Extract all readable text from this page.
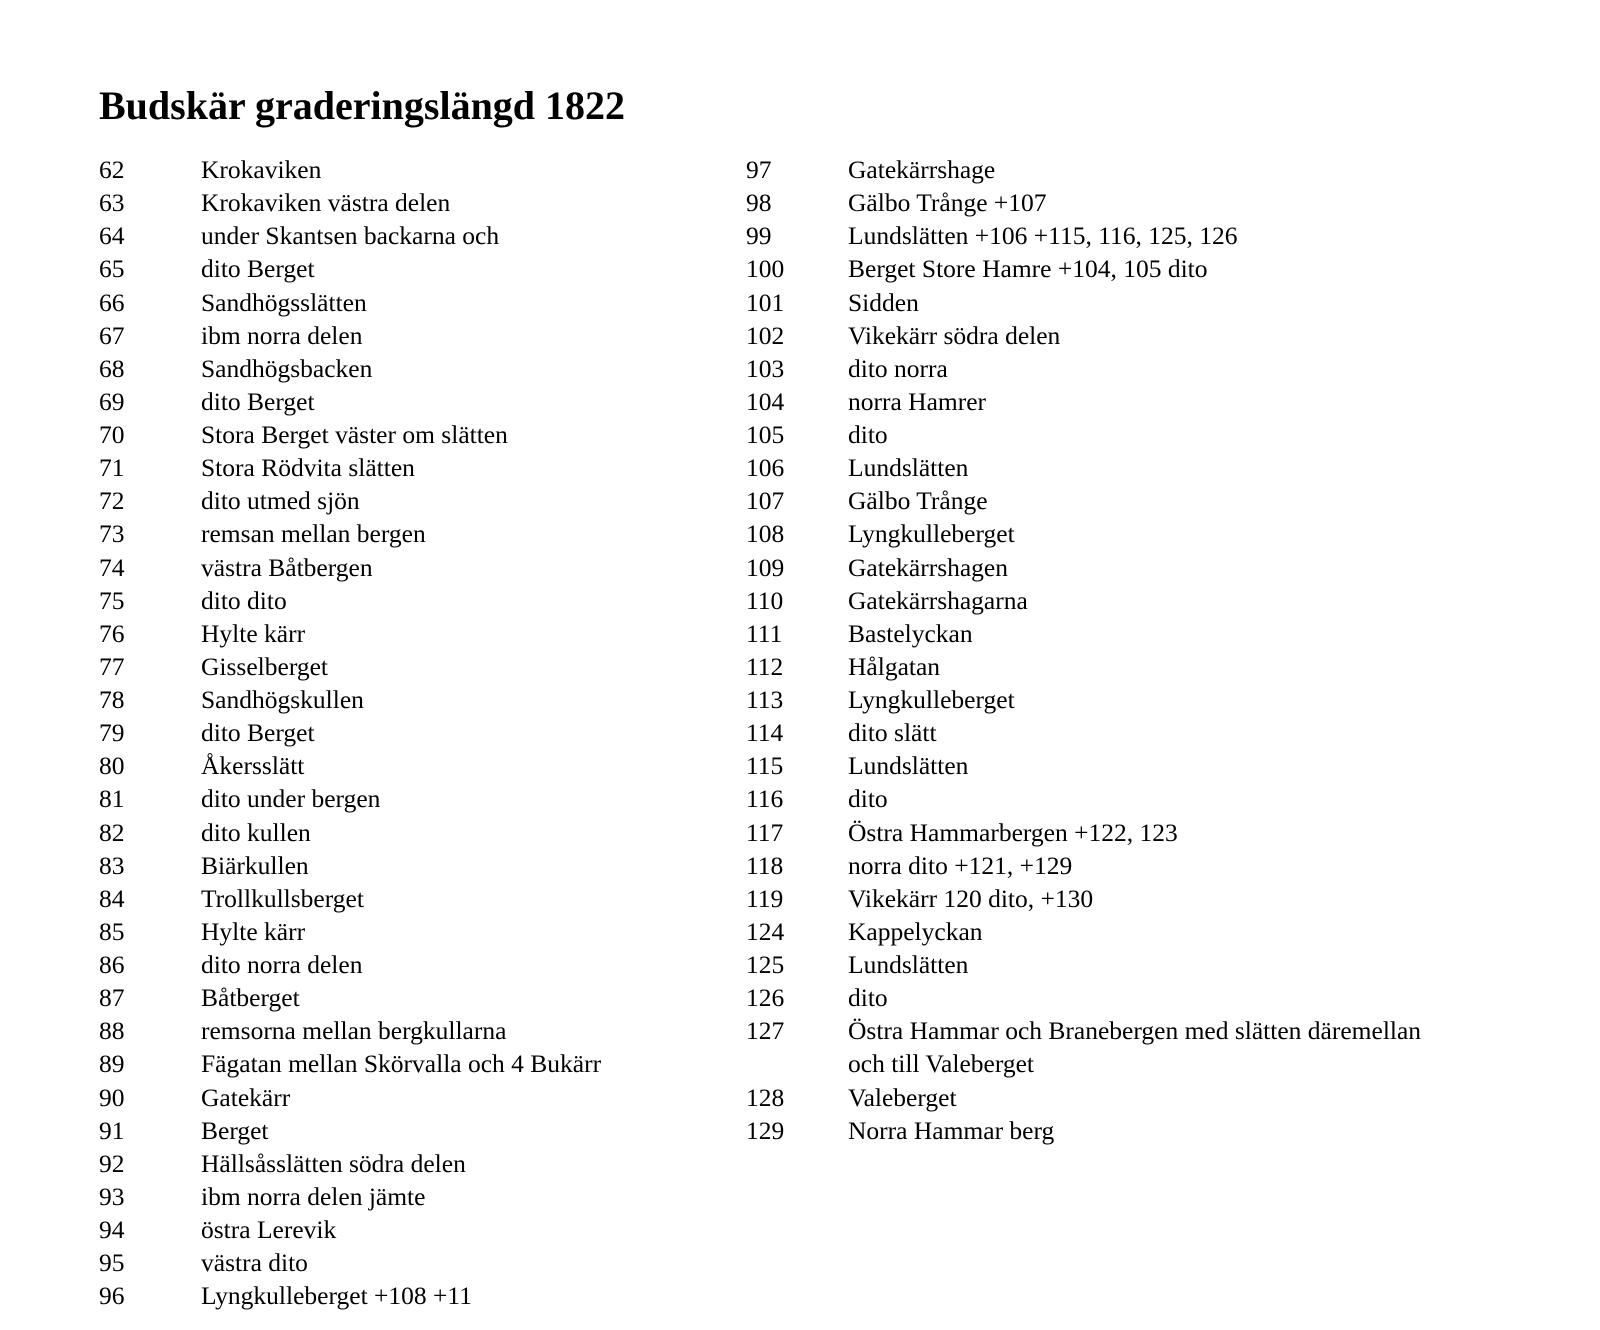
Budskär graderingslängd 1822
62	Krokaviken
63	Krokaviken västra delen
64	under Skantsen backarna och
65	dito Berget
66	Sandhögsslätten
67	ibm norra delen
68	Sandhögsbacken
69	dito Berget
70	Stora Berget väster om slätten
71	Stora Rödvita slätten
72	dito utmed sjön
73	remsan mellan bergen
74	västra Båtbergen
75	dito dito
76	Hylte kärr
77	Gisselberget
78	Sandhögskullen
79	dito Berget
80	Åkersslätt
81	dito under bergen
82	dito kullen
83	Biärkullen
84	Trollkullsberget
85	Hylte kärr
86	dito norra delen
87	Båtberget
88	remsorna mellan bergkullarna
89	Fägatan mellan Skörvalla och 4 Bukärr
90	Gatekärr
91	Berget
92	Hällsåsslätten södra delen
93	ibm norra delen jämte
94	östra Lerevik
95	västra dito
96	Lyngkulleberget +108 +11
97	Gatekärrshage
98	Gälbo Trånge +107
99	Lundslätten +106 +115, 116, 125, 126
100	Berget Store Hamre +104, 105 dito
101	Sidden
102	Vikekärr södra delen
103	dito norra
104	norra Hamrer
105	dito
106	Lundslätten
107	Gälbo Trånge
108	Lyngkulleberget
109	Gatekärrshagen
110	Gatekärrshagarna
111	Bastelyckan
112	Hålgatan
113	Lyngkulleberget
114	dito slätt
115	Lundslätten
116	dito
117	Östra Hammarbergen +122, 123
118	norra dito +121, +129
119	Vikekärr 120 dito, +130
124	Kappelyckan
125	Lundslätten
126	dito
127	Östra Hammar och Branebergen med slätten däremellan
och till Valeberget
128	Valeberget
129	Norra Hammar berg
